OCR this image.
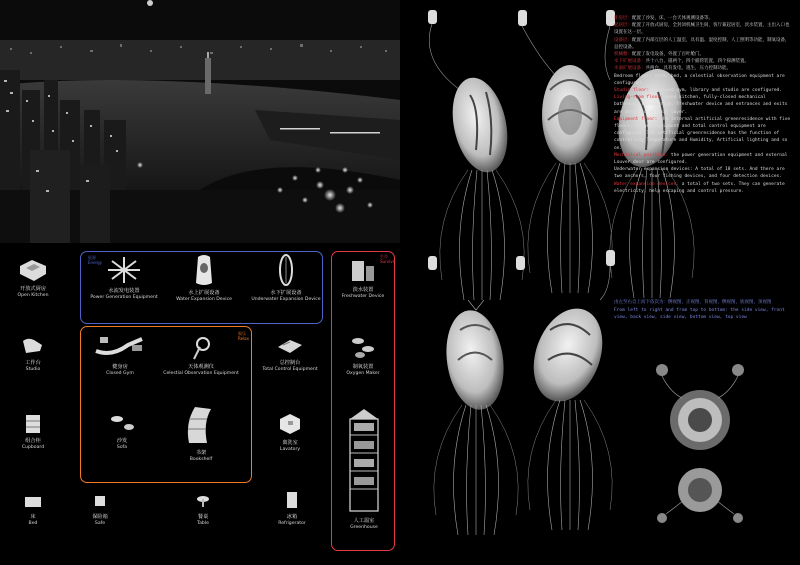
能源
Energy
娱乐
Relax
生存
Survive
开放式厨房
Open Kitchen
水流发电装置
Power Generation Equipment
水上扩展设备
Water Expansion Device
水下扩展设备
Underwater Expansion Device
淡水装置
Freshwater Device
工作台
Studio	健身房
Closed Gym
天体观测仪
Celestial Observation Equipment
总控制台
Total Control Equipment	制氧装置
Oxygen Maker
组合柜
Cupboard
沙发
Sofa
书架
Bookshelf
离洗室
Lavatory
床
Bed
保险箱
Safe
餐桌
Table
冰箱
Refrigerator	人工温室
Greenhouse

卧房层：配置了沙发，床，一台天体观测设备等。

起居层：配置了开放式厨房，全封闭机械卫生间，客厅兼起居室，淡水装置，主出入口也设置在这一层。

设备层：配置了内部互层的人工温室，具有温、湿度控制，人工照明等功能，制氧设备，总控设备。

机械舱：配置了发电设备，外置了百叶舱门。

水下扩展设备：共十八台，锚两个，四个捕捞装置，四个探测装置。

水面扩展设备：共两台，具有发电，逃生，压力控制功能。

Bedroom floor: sofa, bed, a celestial observation equipment are configured.

Studio floor: a closed gym, library and studio are configured.

Living-room floor: open kitchen, fully-closed mechanical bathroom, living room, freshwater device and entrances and exits are designed in this layer.

Equipment floor: the internal artificial greenresidence with five floors, oxygen equipment and total control equipment are configured. The artificial greenresidence has the function of controlling Temperature and Humidity, Artificial lighting and so on.

Mechanical position: the power generation equipment and external Louver door are configured.

Underwater expansion devices: A total of 18 sets. And there are two anchors, four fishing devices, and four detection devices.

Water expansion devices: a total of two sets. They can generate electricity, help escaping and control pressure.

由左至右自上而下依次为：侧视图，正视图，背视图，侧视图，底视图，顶视图

From left to right and from top to bottom: the side view, front view, back view, side view, bottom view, top view
